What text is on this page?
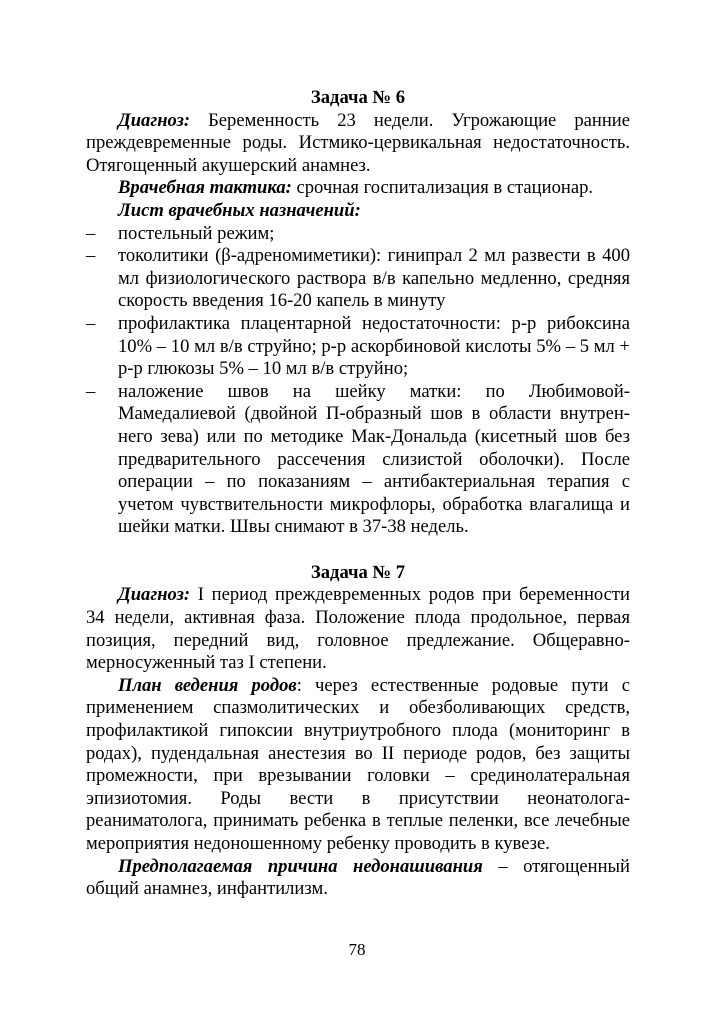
Задача № 6

Диагноз: Беременность 23 недели. Угрожающие ранние преждевременные роды. Истмико-цервикальная недостаточность. Отягощенный акушерский анамнез.

Врачебная тактика: срочная госпитализация в стационар.

Лист врачебных назначений:

– постельный режим;
– токолитики (β-адреномиметики): гинипрал 2 мл развести в 400 мл физиологического раствора в/в капельно медленно, средняя скорость введения 16-20 капель в минуту
– профилактика плацентарной недостаточности: р-р рибоксина 10% – 10 мл в/в струйно; р-р аскорбиновой кислоты 5% – 5 мл + р-р глюкозы 5% – 10 мл в/в струйно;
– наложение швов на шейку матки: по Любимовой-Мамедалиевой (двойной П-образный шов в области внутреннего зева) или по методике Мак-Дональда (кисетный шов без предварительного рассечения слизистой оболочки). После операции – по показаниям – антибактериальная терапия с учетом чувствительности микрофлоры, обработка влагалища и шейки матки. Швы снимают в 37-38 недель.
Задача № 7

Диагноз: I период преждевременных родов при беременности 34 недели, активная фаза. Положение плода продольное, первая позиция, передний вид, головное предлежание. Общеравномерносуженный таз I степени.

План ведения родов: через естественные родовые пути с применением спазмолитических и обезболивающих средств, профилактикой гипоксии внутриутробного плода (мониторинг в родах), пудендальная анестезия во II периоде родов, без защиты промежности, при врезывании головки – срединолатеральная эпизиотомия. Роды вести в присутствии неонатолога-реаниматолога, принимать ребенка в теплые пеленки, все лечебные мероприятия недоношенному ребенку проводить в кувезе.

Предполагаемая причина недонашивания – отягощенный общий анамнез, инфантилизм.

78
